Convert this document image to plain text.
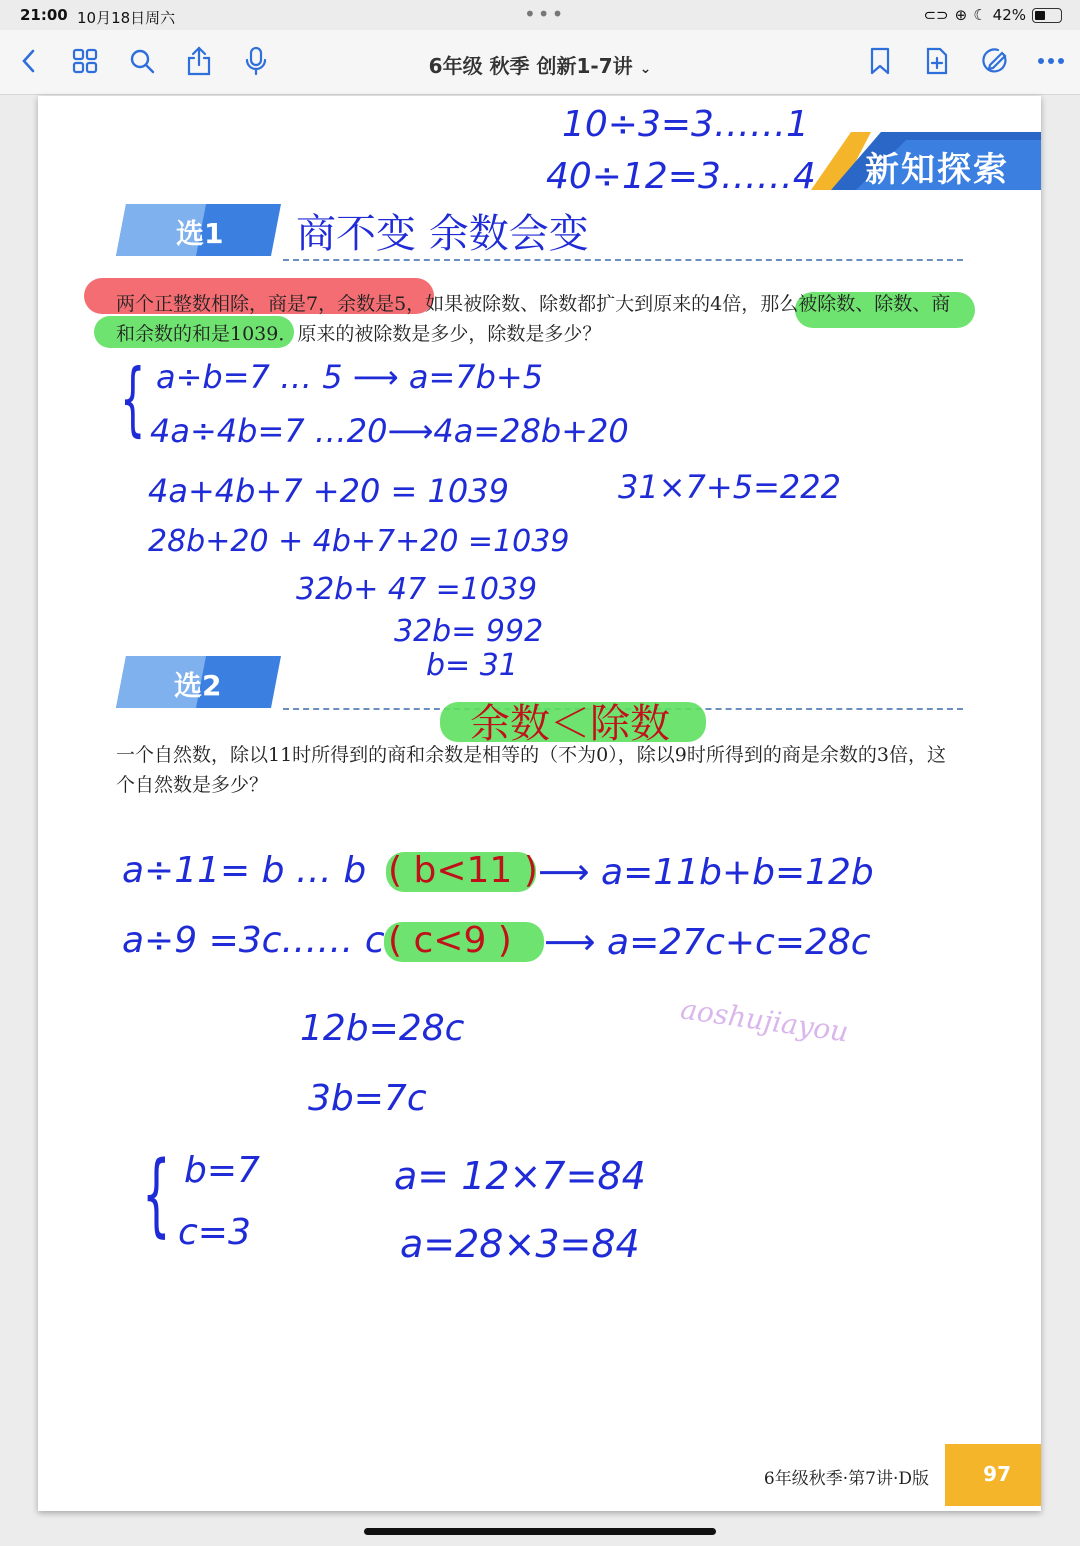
21:00 10月18日周六	•••	⊂⊃ ⊕ ☾ 42%
6年级 秋季 创新1-7讲 ⌄
新知探索
10÷3=3……1
40÷12=3……4
选1 商不变 余数会变
两个正整数相除，商是7，余数是5，如果被除数、除数都扩大到原来的4倍，那么被除数、除数、商
和余数的和是1039．原来的被除数是多少，除数是多少？
{ a÷b=7 … 5 ⟶ a=7b+5
4a÷4b=7 …20⟶4a=28b+20
4a+4b+7 +20 = 1039
28b+20 + 4b+7+20 =1039
32b+ 47 =1039
32b= 992
b= 31
31×7+5=222
选2
余数＜除数
一个自然数，除以11时所得到的商和余数是相等的（不为0），除以9时所得到的商是余数的3倍，这
个自然数是多少？
a÷11= b … b ( b<11 ) ⟶ a=11b+b=12b
a÷9 =3c…… c ( c<9 ) ⟶ a=27c+c=28c
12b=28c
3b=7c
{ b=7
c=3
a= 12×7=84
a=28×3=84
aoshujiayou
6年级秋季·第7讲·D版	97
